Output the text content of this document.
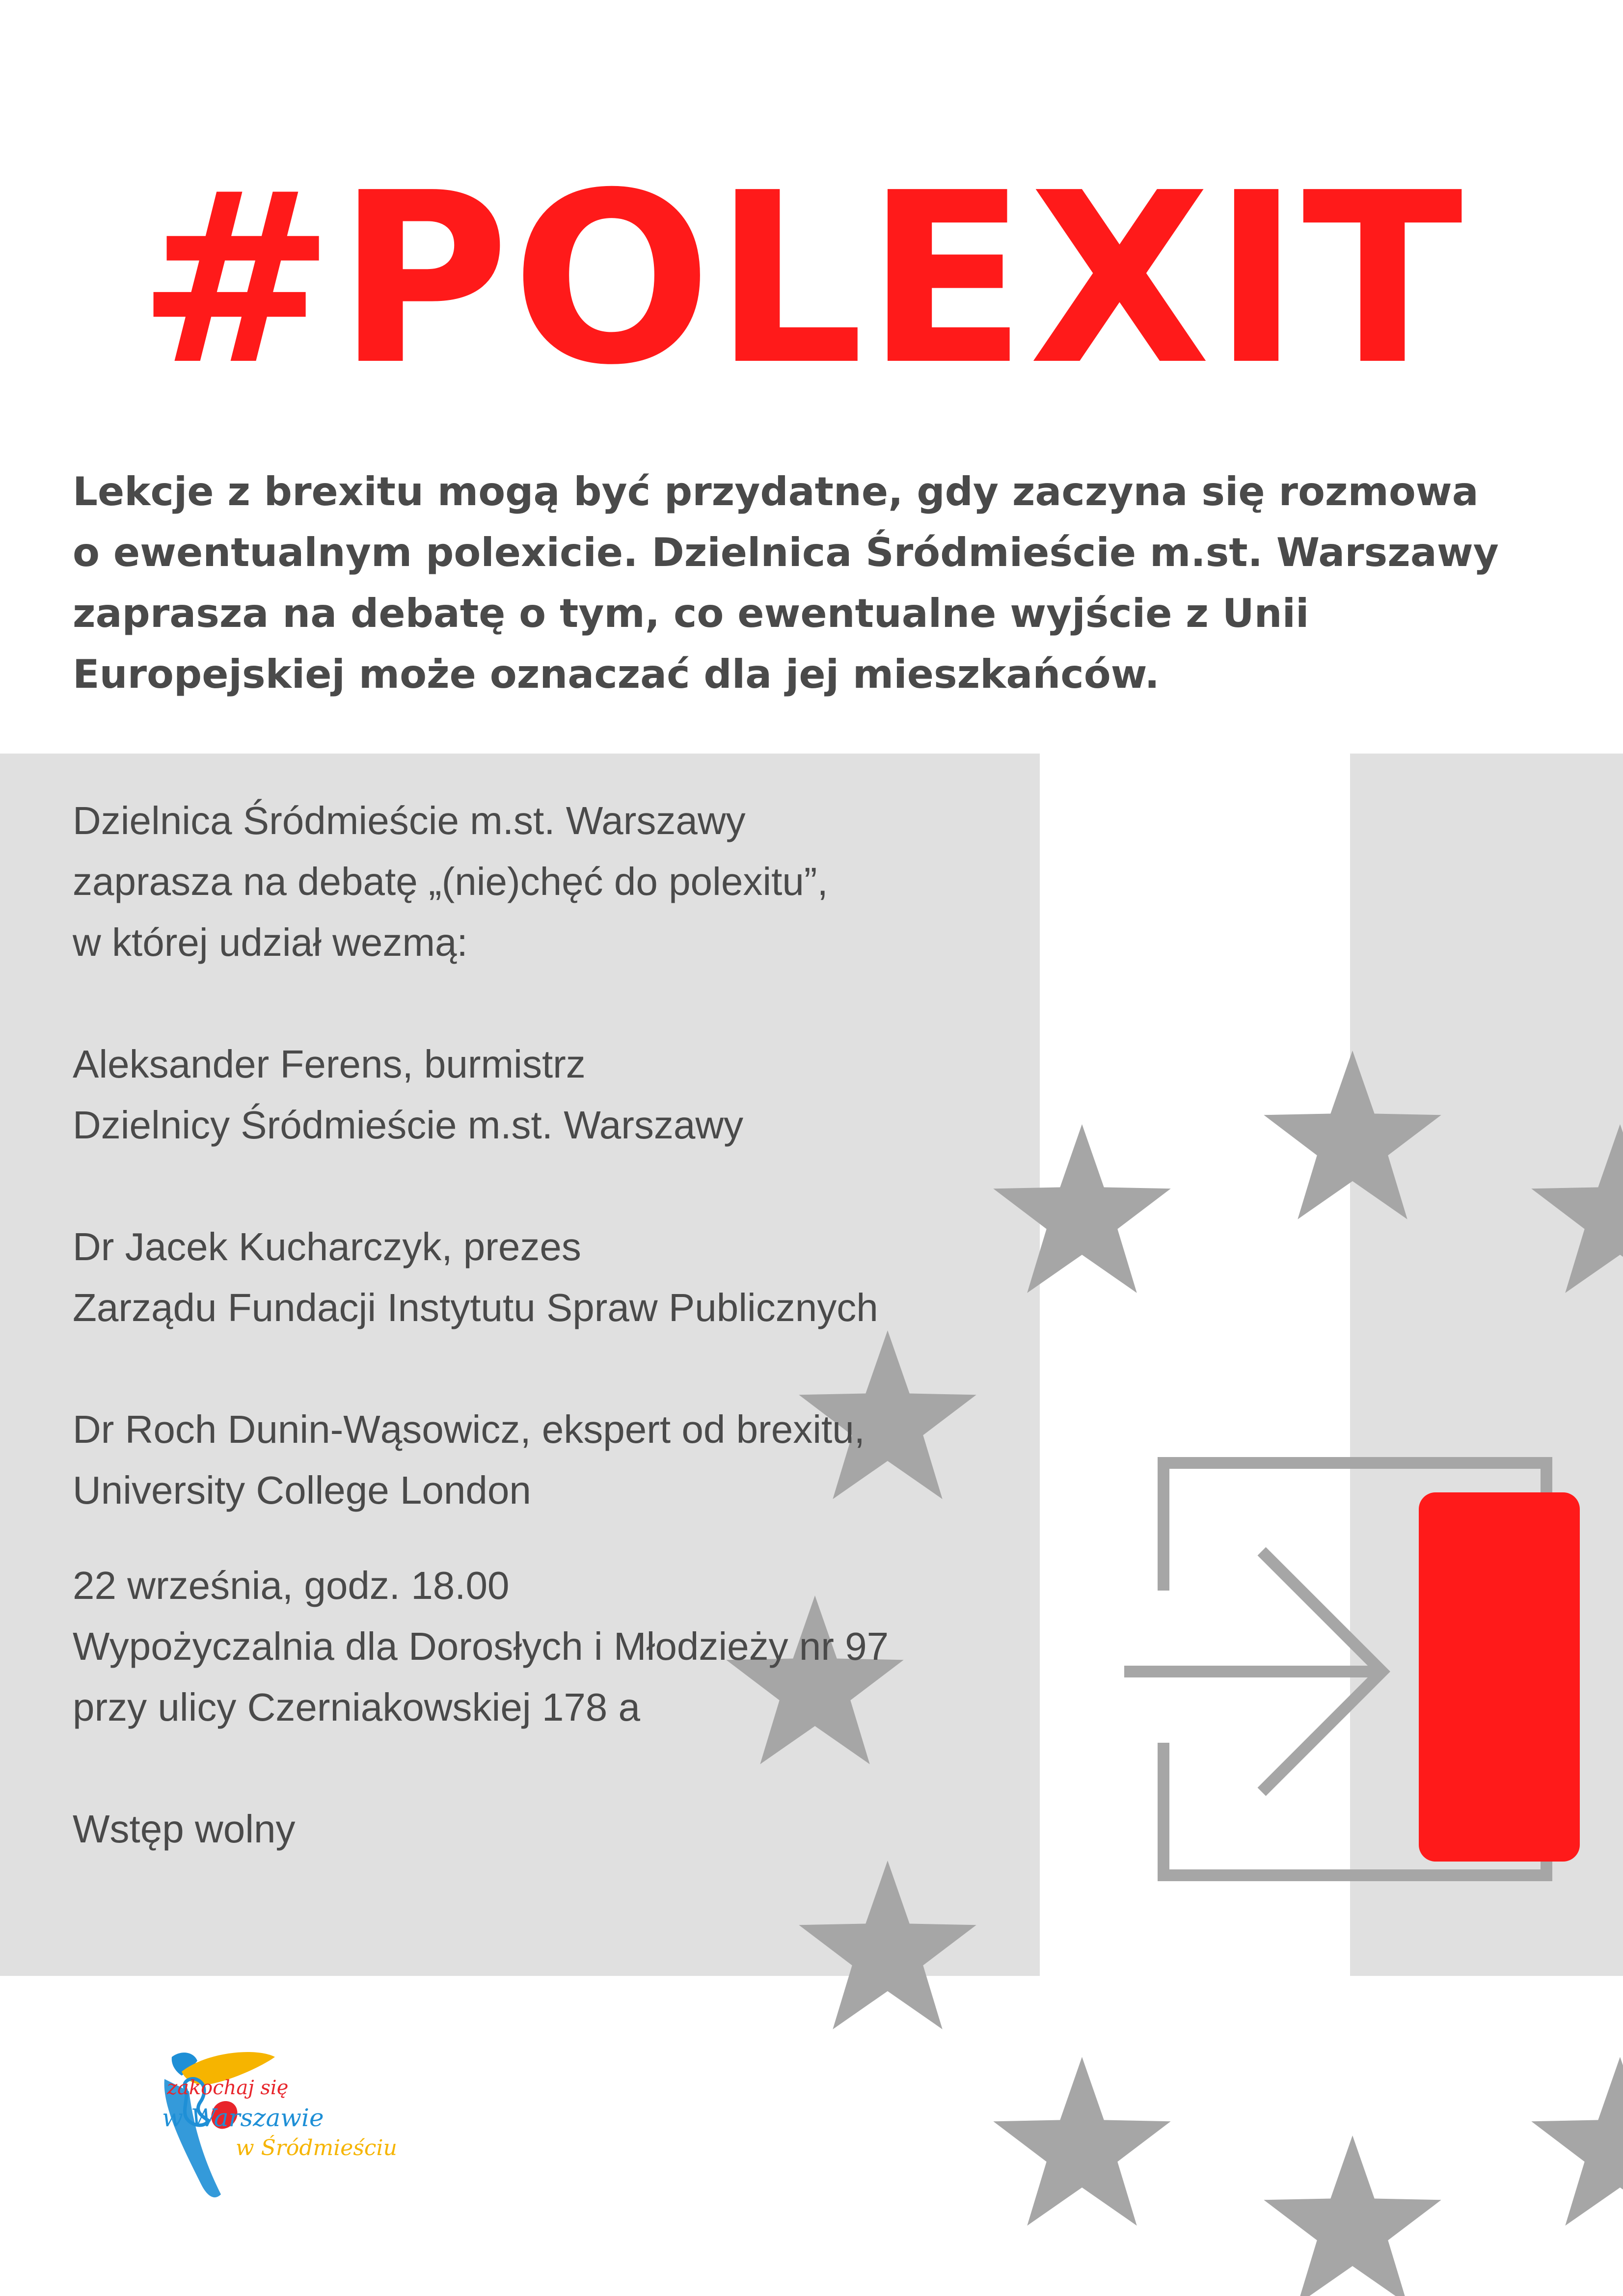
#POLEXIT

Lekcje z brexitu mogą być przydatne, gdy zaczyna się rozmowa

o ewentualnym polexicie. Dzielnica Śródmieście m.st. Warszawy

zaprasza na debatę o tym, co ewentualne wyjście z Unii

Europejskiej może oznaczać dla jej mieszkańców.

Dzielnica Śródmieście m.st. Warszawy

zaprasza na debatę „(nie)chęć do polexitu”,

w której udział wezmą:

Aleksander Ferens, burmistrz

Dzielnicy Śródmieście m.st. Warszawy

Dr Jacek Kucharczyk, prezes

Zarządu Fundacji Instytutu Spraw Publicznych

Dr Roch Dunin-Wąsowicz, ekspert od brexitu,

University College London

22 września, godz. 18.00

Wypożyczalnia dla Dorosłych i Młodzieży nr 97

przy ulicy Czerniakowskiej 178 a

Wstęp wolny

zakochaj się
w Warszawie
w Śródmieściu
